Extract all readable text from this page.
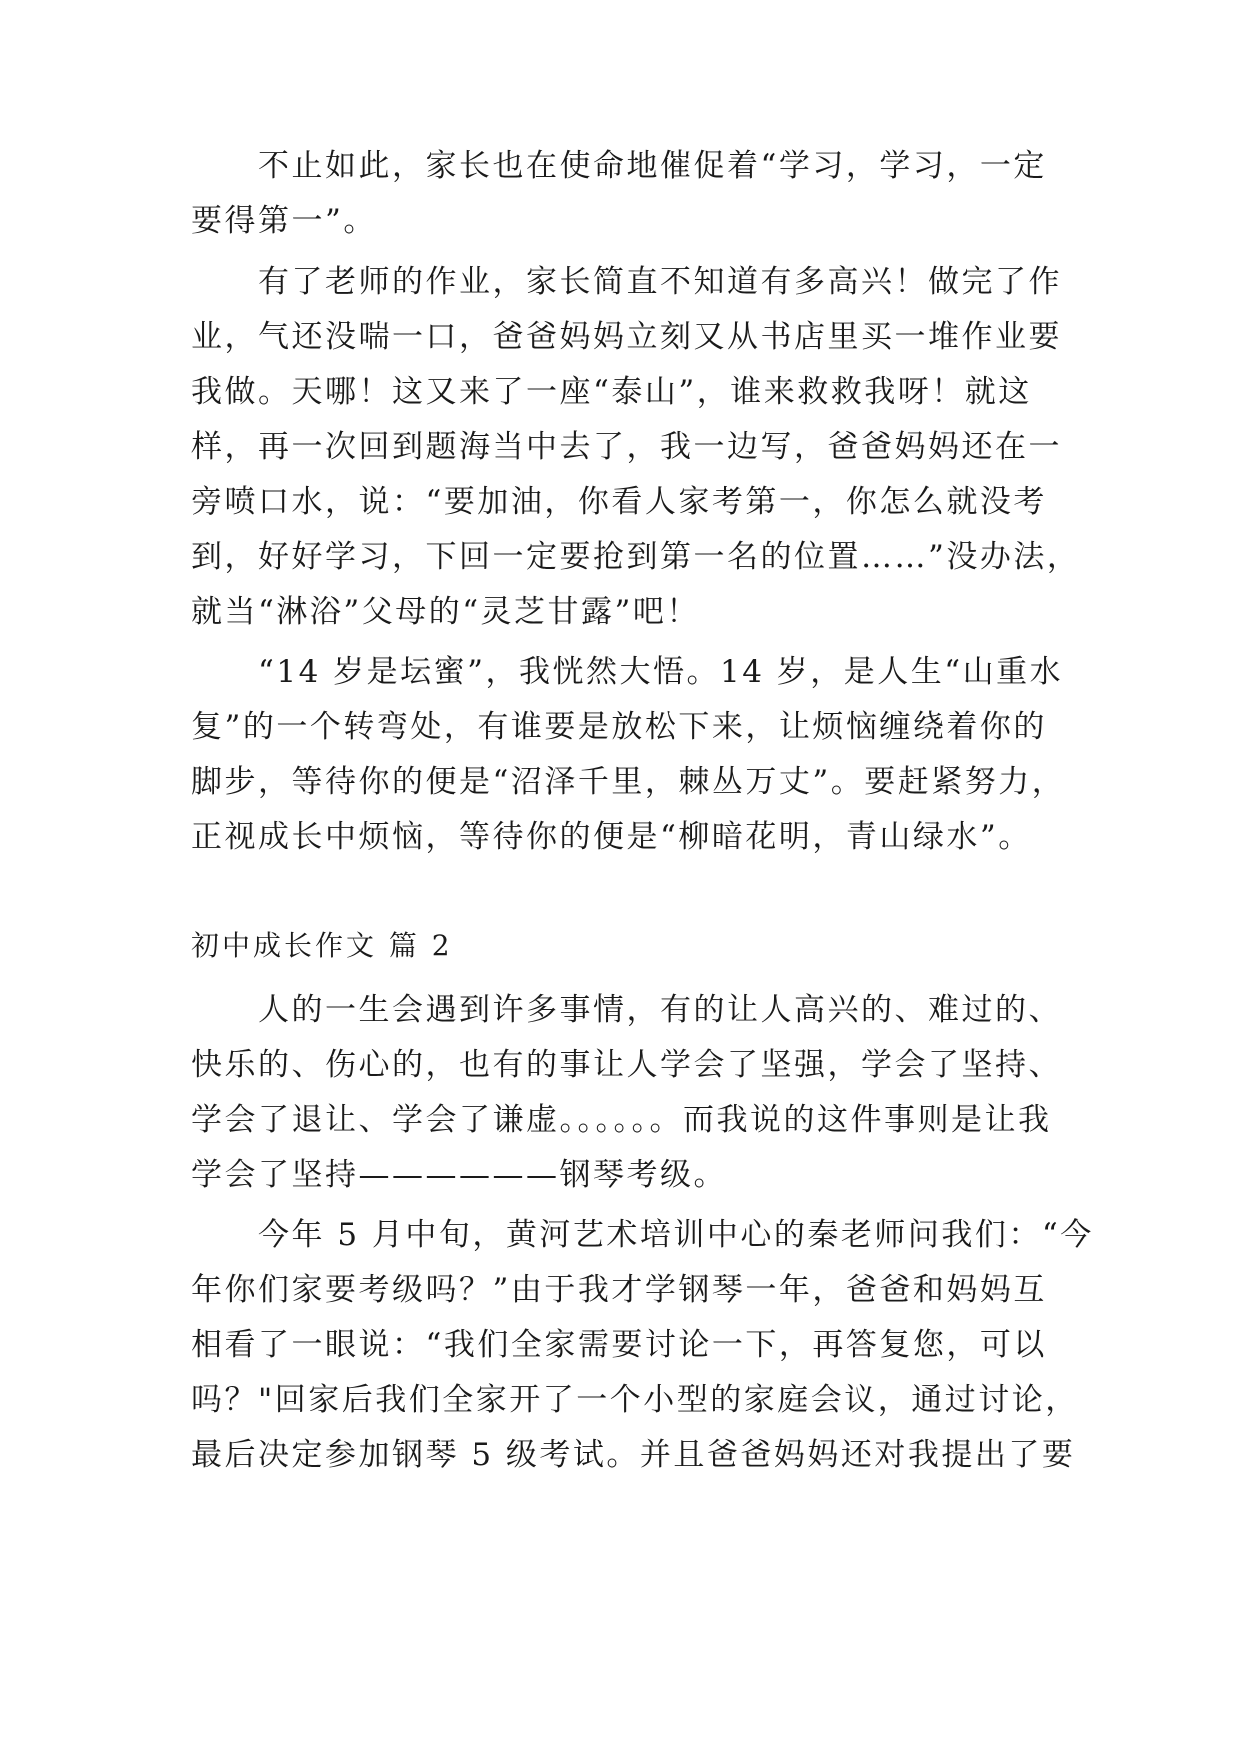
不止如此，家长也在使命地催促着“学习，学习，一定
要得第一”。
有了老师的作业，家长简直不知道有多高兴！做完了作
业，气还没喘一口，爸爸妈妈立刻又从书店里买一堆作业要
我做。天哪！这又来了一座“泰山”，谁来救救我呀！就这
样，再一次回到题海当中去了，我一边写，爸爸妈妈还在一
旁喷口水，说：“要加油，你看人家考第一，你怎么就没考
到，好好学习，下回一定要抢到第一名的位置……”没办法，
就当“淋浴”父母的“灵芝甘露”吧！
“14 岁是坛蜜”，我恍然大悟。14 岁，是人生“山重水
复”的一个转弯处，有谁要是放松下来，让烦恼缠绕着你的
脚步，等待你的便是“沼泽千里，棘丛万丈”。要赶紧努力，
正视成长中烦恼，等待你的便是“柳暗花明，青山绿水”。
初中成长作文 篇 2
人的一生会遇到许多事情，有的让人高兴的、难过的、
快乐的、伤心的，也有的事让人学会了坚强，学会了坚持、
学会了退让、学会了谦虚。。。。。。而我说的这件事则是让我
学会了坚持——————钢琴考级。
今年 5 月中旬，黄河艺术培训中心的秦老师问我们：“今
年你们家要考级吗？”由于我才学钢琴一年，爸爸和妈妈互
相看了一眼说：“我们全家需要讨论一下，再答复您，可以
吗？"回家后我们全家开了一个小型的家庭会议，通过讨论，
最后决定参加钢琴 5 级考试。并且爸爸妈妈还对我提出了要
